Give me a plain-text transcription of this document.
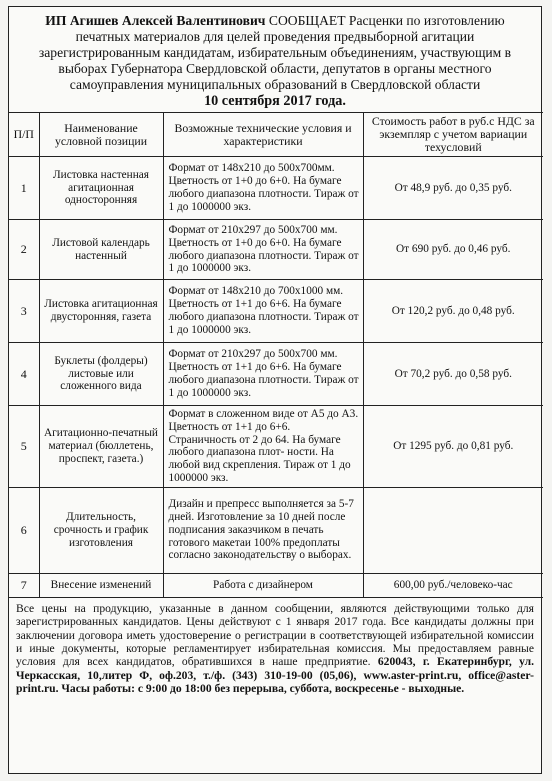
ИП Агишев Алексей Валентинович СООБЩАЕТ Расценки по изготовлению печатных материалов для целей проведения предвыборной агитации зарегистрированным кандидатам, избирательным объединениям, участвующим в выборах Губернатора Свердловской области, депутатов в органы местного самоуправления муниципальных образований в Свердловской области
10 сентября 2017 года.
П/П	Наименование условной позиции	Возможные технические условия и характеристики	Стоимость работ в руб.с НДС за экземпляр с учетом вариации техусловий
1	Листовка настенная агитационная односторонняя	Формат от 148х210 до 500х700мм. Цветность от 1+0 до 6+0. На бумаге любого диапазона плотности. Тираж от 1 до 1000000 экз.	От 48,9 руб. до 0,35 руб.
2	Листовой календарь настенный	Формат от 210х297 до 500х700 мм. Цветность от 1+0 до 6+0. На бумаге любого диапазона плотности. Тираж от 1 до 1000000 экз.	От 690 руб. до 0,46 руб.
3	Листовка агитационная двусторонняя, газета	Формат от 148х210 до 700х1000 мм. Цветность от 1+1 до 6+6. На бумаге любого диапазона плотности. Тираж от 1 до 1000000 экз.	От 120,2 руб. до 0,48 руб.
4	Буклеты (фолдеры) листовые или сложенного вида	Формат от 210х297 до 500х700 мм. Цветность от 1+1 до 6+6. На бумаге любого диапазона плотности. Тираж от 1 до 1000000 экз.	От 70,2 руб. до 0,58 руб.
5	Агитационно-печатный материал (бюллетень, проспект, газета.)	Формат в сложенном виде от А5 до А3. Цветность от 1+1 до 6+6. Страничность от 2 до 64. На бумаге любого диапазона плот- ности. На любой вид скрепления. Тираж от 1 до 1000000 экз.	От 1295 руб. до 0,81 руб.
6	Длительность, срочность и график изготовления	Дизайн и препресс выполняется за 5-7 дней. Изготовление за 10 дней после подписания заказчиком в печать готового макетаи 100% предоплаты согласно законодательству о выборах.	
7	Внесение изменений	Работа с дизайнером	600,00 руб./человеко-час
Все цены на продукцию, указанные в данном сообщении, являются действующими только для зарегистрированных кандидатов. Цены действуют с 1 января 2017 года. Все кандидаты должны при заключении договора иметь удостоверение о регистрации в соответствующей избирательной комиссии и иные документы, которые регламентирует избирательная комиссия. Мы предоставляем равные условия для всех кандидатов, обратившихся в наше предприятие. 620043, г. Екатеринбург, ул. Черкасская, 10,литер Ф, оф.203, т./ф. (343) 310-19-00 (05,06), www.aster-print.ru, office@aster-print.ru. Часы работы: с 9:00 до 18:00 без перерыва, суббота, воскресенье - выходные.
